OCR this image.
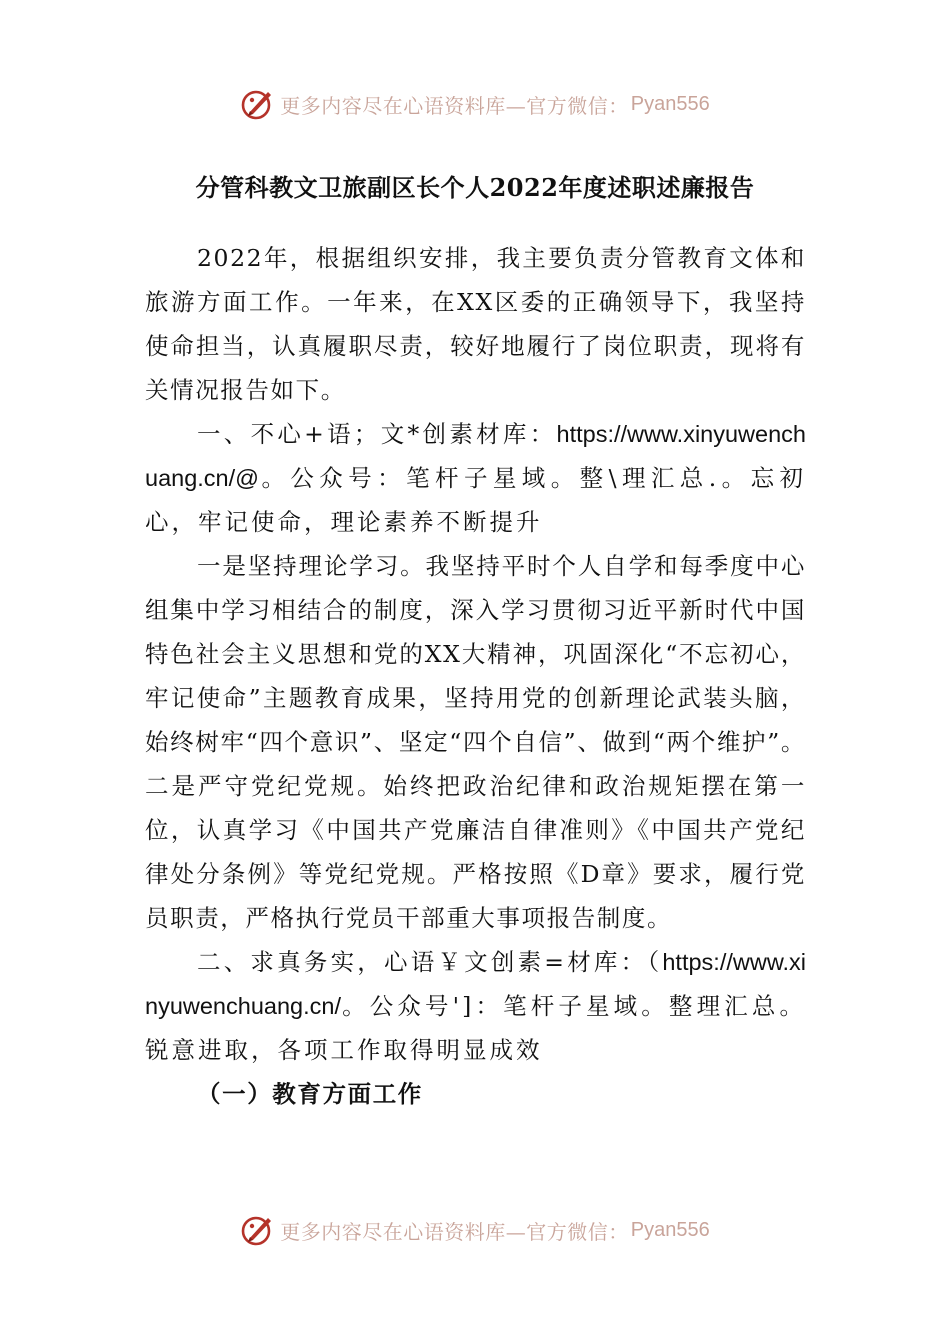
更多内容尽在心语资料库—官方微信： Pyan556
分管科教文卫旅副区长个人2022年度述职述廉报告

2022年，根据组织安排，我主要负责分管教育文体和旅游方面工作。一年来，在XX区委的正确领导下，我坚持使命担当，认真履职尽责，较好地履行了岗位职责，现将有关情况报告如下。

一、不心+语；文*创素材库：https://www.xinyuwenchuang.cn/@。公众号：笔杆子星域。整\理汇总.。忘初心，牢记使命，理论素养不断提升

一是坚持理论学习。我坚持平时个人自学和每季度中心组集中学习相结合的制度，深入学习贯彻习近平新时代中国特色社会主义思想和党的XX大精神，巩固深化“不忘初心，牢记使命”主题教育成果，坚持用党的创新理论武装头脑，始终树牢“四个意识”、坚定“四个自信”、做到“两个维护”。二是严守党纪党规。始终把政治纪律和政治规矩摆在第一位，认真学习《中国共产党廉洁自律准则》《中国共产党纪律处分条例》等党纪党规。严格按照《D章》要求，履行党员职责，严格执行党员干部重大事项报告制度。

二、求真务实，心语￥文创素=材库：（https://www.xinyuwenchuang.cn/。公众号']：笔杆子星域。整理汇总。锐意进取，各项工作取得明显成效

（一）教育方面工作

更多内容尽在心语资料库—官方微信： Pyan556
